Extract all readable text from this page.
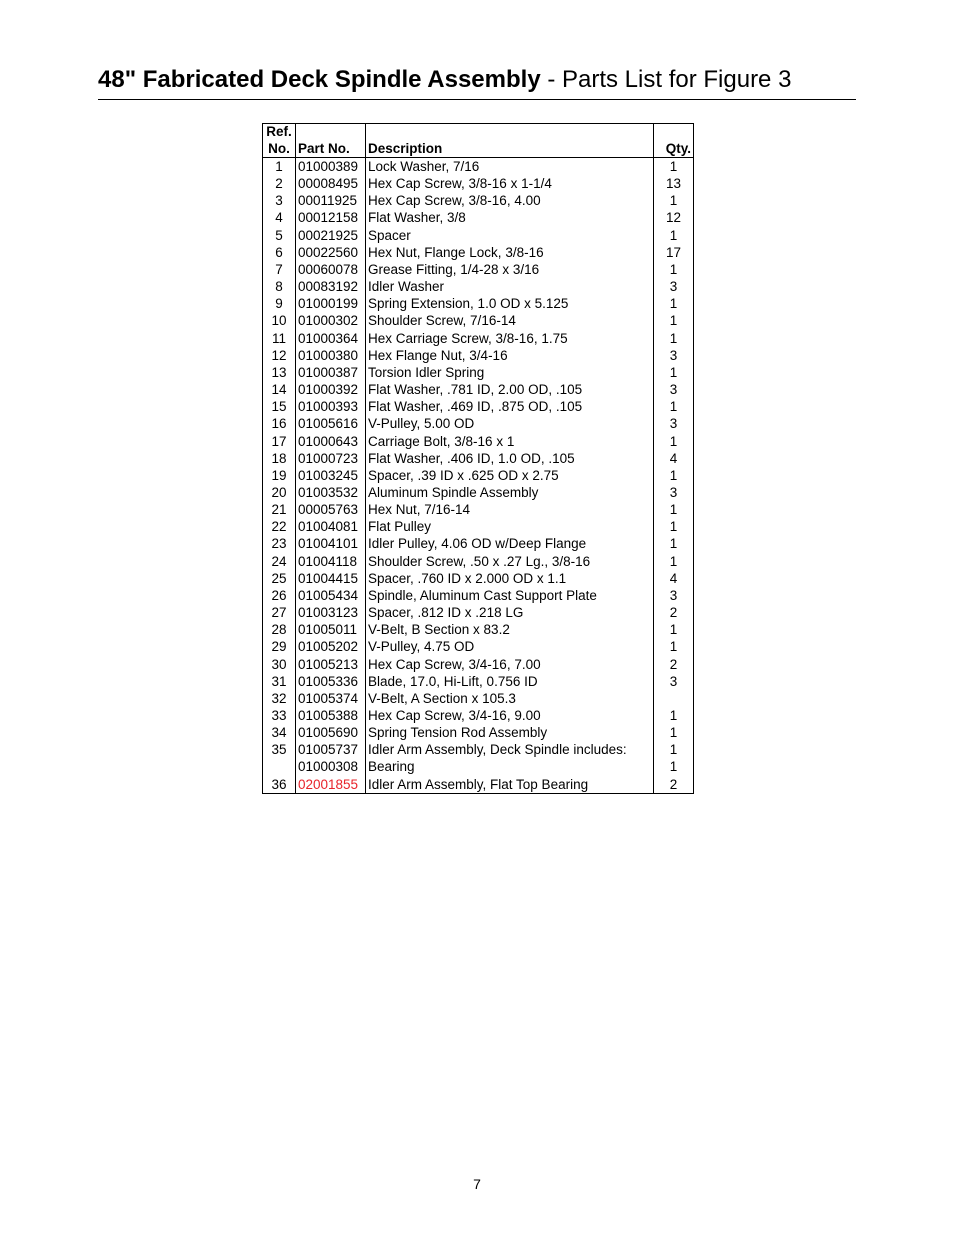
48" Fabricated Deck Spindle Assembly - Parts List for Figure 3
Ref.
No.	Part No.	Description	Qty.
1	01000389	Lock Washer, 7/16	1
2	00008495	Hex Cap Screw, 3/8-16 x 1-1/4	13
3	00011925	Hex Cap Screw, 3/8-16, 4.00	1
4	00012158	Flat Washer, 3/8	12
5	00021925	Spacer	1
6	00022560	Hex Nut, Flange Lock, 3/8-16	17
7	00060078	Grease Fitting, 1/4-28 x 3/16	1
8	00083192	Idler Washer	3
9	01000199	Spring Extension, 1.0 OD x 5.125	1
10	01000302	Shoulder Screw, 7/16-14	1
11	01000364	Hex Carriage Screw, 3/8-16, 1.75	1
12	01000380	Hex Flange Nut, 3/4-16	3
13	01000387	Torsion Idler Spring	1
14	01000392	Flat Washer, .781 ID, 2.00 OD, .105	3
15	01000393	Flat Washer, .469 ID, .875 OD, .105	1
16	01005616	V-Pulley, 5.00 OD	3
17	01000643	Carriage Bolt, 3/8-16 x 1	1
18	01000723	Flat Washer, .406 ID, 1.0 OD, .105	4
19	01003245	Spacer, .39 ID x .625 OD x 2.75	1
20	01003532	Aluminum Spindle Assembly	3
21	00005763	Hex Nut, 7/16-14	1
22	01004081	Flat Pulley	1
23	01004101	Idler Pulley, 4.06 OD w/Deep Flange	1
24	01004118	Shoulder Screw, .50 x .27 Lg., 3/8-16	1
25	01004415	Spacer, .760 ID x 2.000 OD x 1.1	4
26	01005434	Spindle, Aluminum Cast Support Plate	3
27	01003123	Spacer, .812 ID x .218 LG	2
28	01005011	V-Belt, B Section x 83.2	1
29	01005202	V-Pulley, 4.75 OD	1
30	01005213	Hex Cap Screw, 3/4-16, 7.00	2
31	01005336	Blade, 17.0, Hi-Lift, 0.756 ID	3
32	01005374	V-Belt, A Section x 105.3	
33	01005388	Hex Cap Screw, 3/4-16, 9.00	1
34	01005690	Spring Tension Rod Assembly	1
35	01005737	Idler Arm Assembly, Deck Spindle includes:	1
	01000308	Bearing	1
36	02001855	Idler Arm Assembly, Flat Top Bearing	2
7
